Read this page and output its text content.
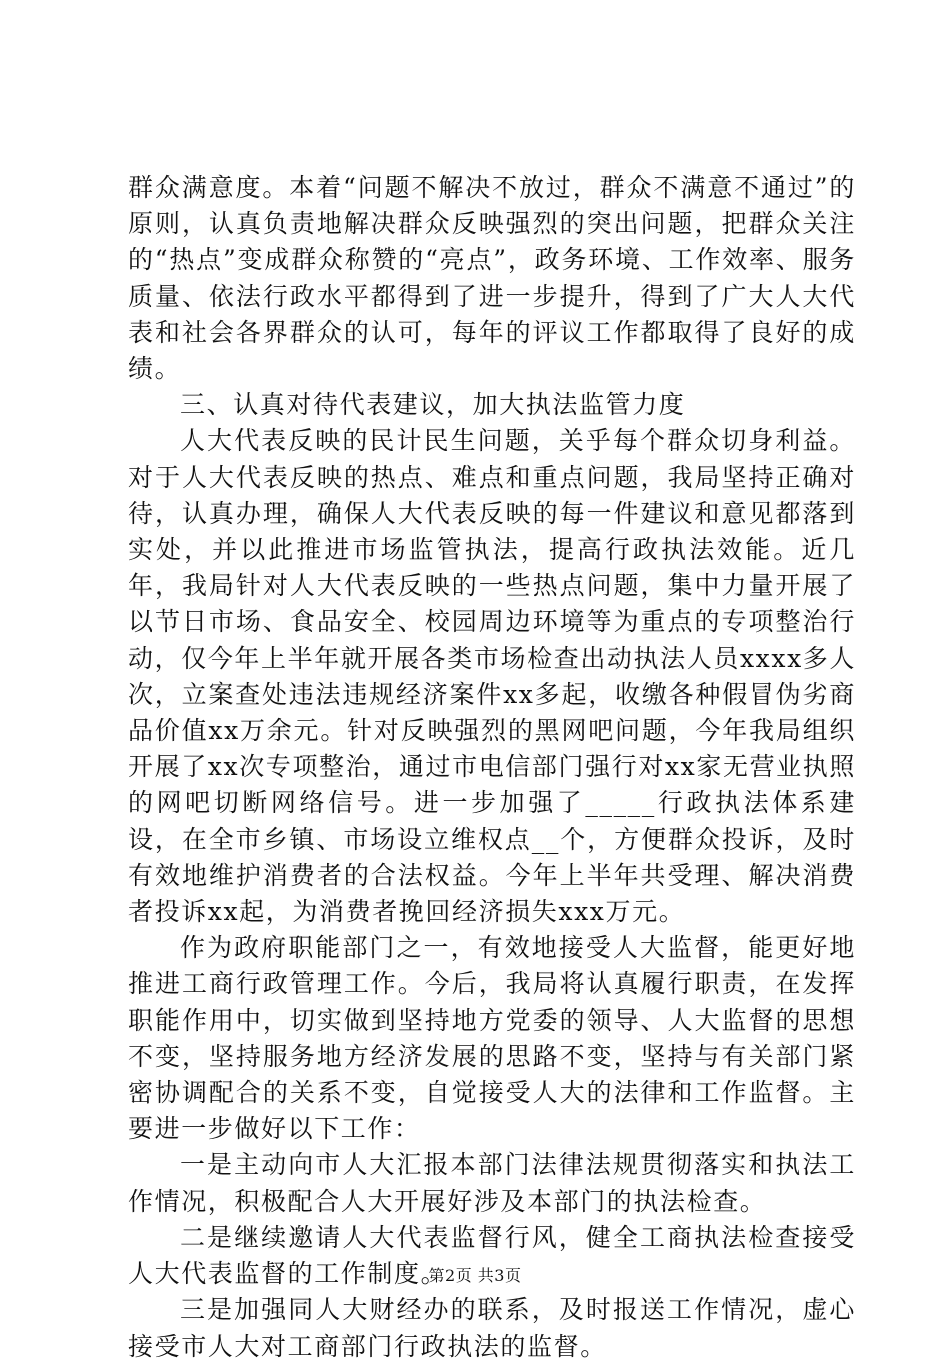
群众满意度。本着“问题不解决不放过，群众不满意不通过”的原则，认真负责地解决群众反映强烈的突出问题，把群众关注的“热点”变成群众称赞的“亮点”，政务环境、工作效率、服务质量、依法行政水平都得到了进一步提升，得到了广大人大代表和社会各界群众的认可，每年的评议工作都取得了良好的成绩。

三、认真对待代表建议，加大执法监管力度

人大代表反映的民计民生问题，关乎每个群众切身利益。对于人大代表反映的热点、难点和重点问题，我局坚持正确对待，认真办理，确保人大代表反映的每一件建议和意见都落到实处，并以此推进市场监管执法，提高行政执法效能。近几年，我局针对人大代表反映的一些热点问题，集中力量开展了以节日市场、食品安全、校园周边环境等为重点的专项整治行动，仅今年上半年就开展各类市场检查出动执法人员xxxx多人次，立案查处违法违规经济案件xx多起，收缴各种假冒伪劣商品价值xx万余元。针对反映强烈的黑网吧问题，今年我局组织开展了xx次专项整治，通过市电信部门强行对xx家无营业执照的网吧切断网络信号。进一步加强了_____行政执法体系建设，在全市乡镇、市场设立维权点__个，方便群众投诉，及时有效地维护消费者的合法权益。今年上半年共受理、解决消费者投诉xx起，为消费者挽回经济损失xxx万元。

作为政府职能部门之一，有效地接受人大监督，能更好地推进工商行政管理工作。今后，我局将认真履行职责，在发挥职能作用中，切实做到坚持地方党委的领导、人大监督的思想不变，坚持服务地方经济发展的思路不变，坚持与有关部门紧密协调配合的关系不变，自觉接受人大的法律和工作监督。主要进一步做好以下工作：

一是主动向市人大汇报本部门法律法规贯彻落实和执法工作情况，积极配合人大开展好涉及本部门的执法检查。

二是继续邀请人大代表监督行风，健全工商执法检查接受人大代表监督的工作制度。

三是加强同人大财经办的联系，及时报送工作情况，虚心接受市人大对工商部门行政执法的监督。

第2页 共3页
